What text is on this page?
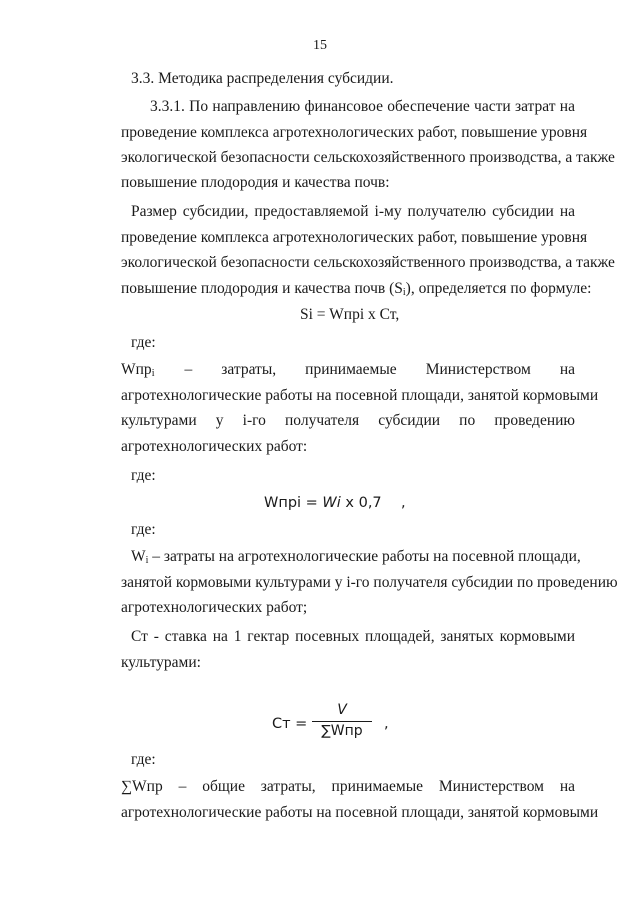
15
3.3. Методика распределения субсидии.
3.3.1. По направлению финансовое обеспечение части затрат на
проведение комплекса агротехнологических работ, повышение уровня
экологической безопасности сельскохозяйственного производства, а также
повышение плодородия и качества почв:
Размер субсидии, предоставляемой i-му получателю субсидии на
проведение комплекса агротехнологических работ, повышение уровня
экологической безопасности сельскохозяйственного производства, а также
повышение плодородия и качества почв $(S_i)$, определяется по формуле:
Si = Wпpi x Ст,
где:
Wпр$_i$ – затраты, принимаемые Министерством на
агротехнологические работы на посевной площади, занятой кормовыми
культурами у i-го получателя субсидии по проведению
агротехнологических работ:
где:
Wпpi = Wi x 0,7 ,
где:
$W_i$ – затраты на агротехнологические работы на посевной площади,
занятой кормовыми культурами у i-го получателя субсидии по проведению
агротехнологических работ;
Ст - ставка на 1 гектар посевных площадей, занятых кормовыми
культурами:
Ст =
V
∑Wпр	,
где:
∑Wпр – общие затраты, принимаемые Министерством на
агротехнологические работы на посевной площади, занятой кормовыми
